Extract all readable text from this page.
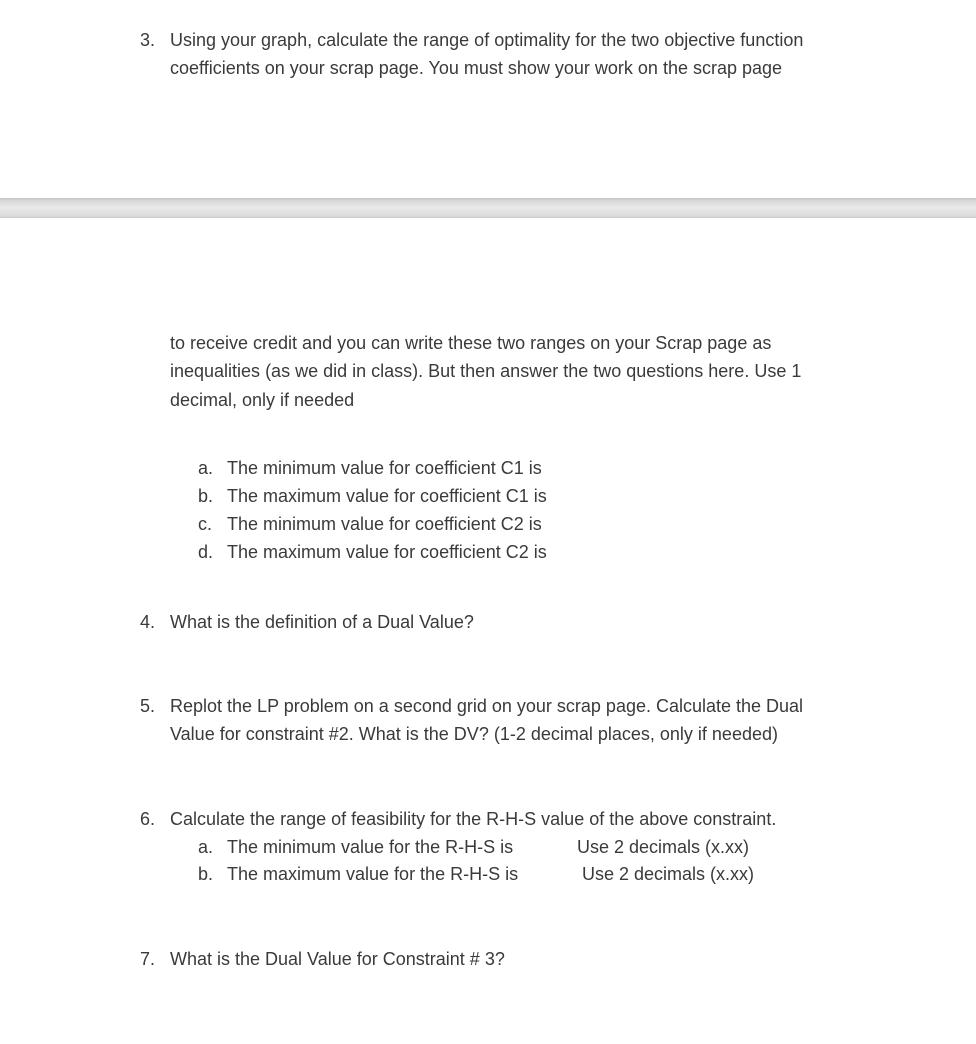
3. Using your graph, calculate the range of optimality for the two objective function
coefficients on your scrap page. You must show your work on the scrap page
to receive credit and you can write these two ranges on your Scrap page as
inequalities (as we did in class). But then answer the two questions here. Use 1
decimal, only if needed
a. The minimum value for coefficient C1 is
b. The maximum value for coefficient C1 is
c. The minimum value for coefficient C2 is
d. The maximum value for coefficient C2 is
4. What is the definition of a Dual Value?
5. Replot the LP problem on a second grid on your scrap page. Calculate the Dual
Value for constraint #2. What is the DV? (1-2 decimal places, only if needed)
6. Calculate the range of feasibility for the R-H-S value of the above constraint.
a. The minimum value for the R-H-S is	Use 2 decimals (x.xx)
b. The maximum value for the R-H-S is	Use 2 decimals (x.xx)
7. What is the Dual Value for Constraint # 3?
